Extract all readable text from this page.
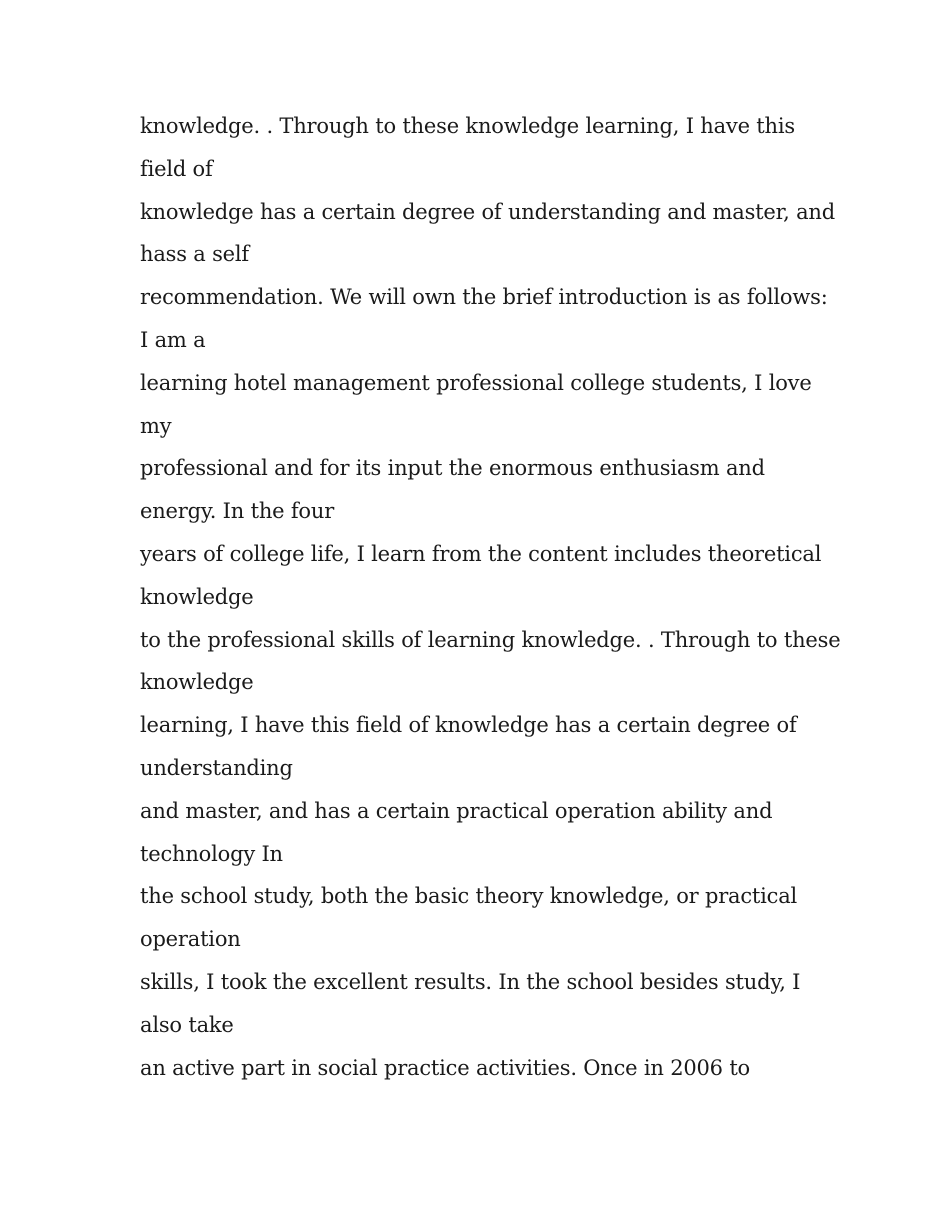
knowledge. . Through to these knowledge learning, I have this
field of
knowledge has a certain degree of understanding and master, and
hass a self
recommendation. We will own the brief introduction is as follows:
I am a
learning hotel management professional college students, I love
my
professional and for its input the enormous enthusiasm and
energy. In the four
years of college life, I learn from the content includes theoretical
knowledge
to the professional skills of learning knowledge. . Through to these
knowledge
learning, I have this field of knowledge has a certain degree of
understanding
and master, and has a certain practical operation ability and
technology In
the school study, both the basic theory knowledge, or practical
operation
skills, I took the excellent results. In the school besides study, I
also take
an active part in social practice activities. Once in 2006 to
